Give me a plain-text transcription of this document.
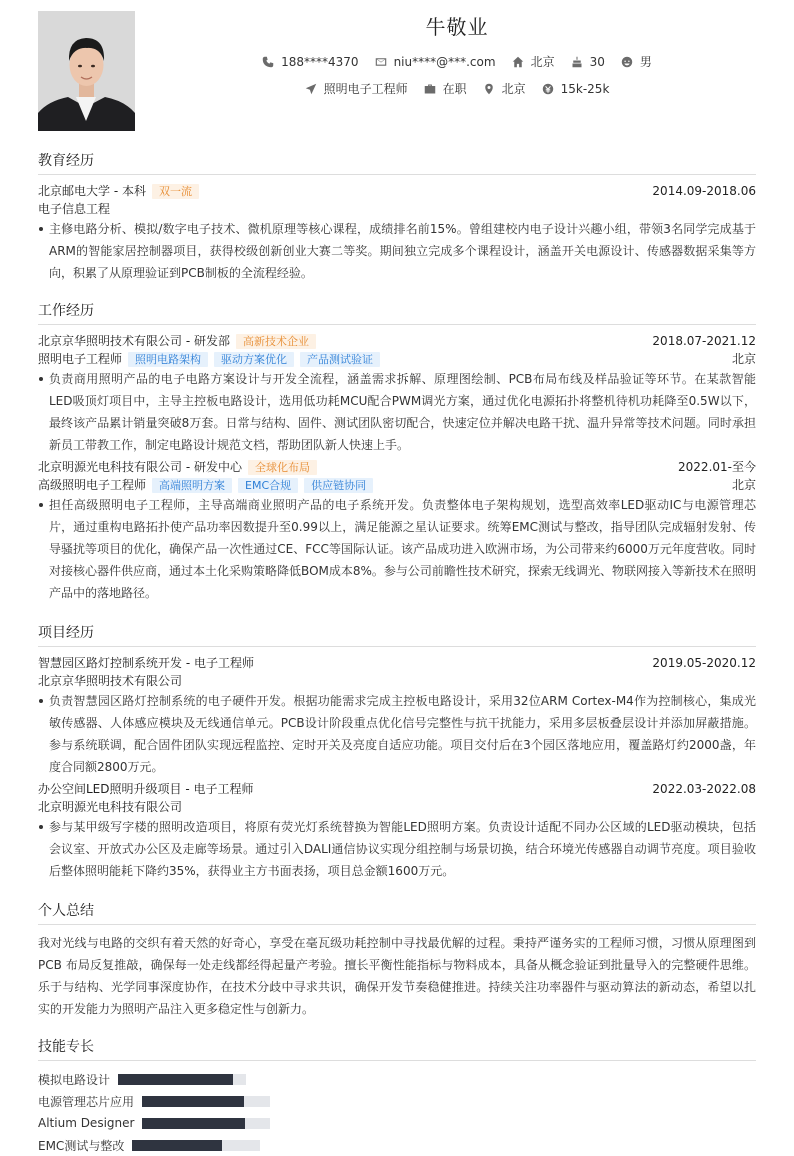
牛敬业
188****4370	niu****@***.com	北京	30	男
照明电子工程师	在职	北京	15k-25k
教育经历
北京邮电大学 - 本科	双一流	2014.09-2018.06
电子信息工程
主修电路分析、模拟/数字电子技术、微机原理等核心课程，成绩排名前15%。曾组建校内电子设计兴趣小组，带领3名同学完成基于ARM的智能家居控制器项目，获得校级创新创业大赛二等奖。期间独立完成多个课程设计，涵盖开关电源设计、传感器数据采集等方向，积累了从原理验证到PCB制板的全流程经验。
工作经历
北京京华照明技术有限公司 - 研发部	高新技术企业	2018.07-2021.12
照明电子工程师	照明电路架构	驱动方案优化	产品测试验证	北京
负责商用照明产品的电子电路方案设计与开发全流程，涵盖需求拆解、原理图绘制、PCB布局布线及样品验证等环节。在某款智能LED吸顶灯项目中，主导主控板电路设计，选用低功耗MCU配合PWM调光方案，通过优化电源拓扑将整机待机功耗降至0.5W以下，最终该产品累计销量突破8万套。日常与结构、固件、测试团队密切配合，快速定位并解决电路干扰、温升异常等技术问题。同时承担新员工带教工作，制定电路设计规范文档，帮助团队新人快速上手。
北京明源光电科技有限公司 - 研发中心	全球化布局	2022.01-至今
高级照明电子工程师	高端照明方案	EMC合规	供应链协同	北京
担任高级照明电子工程师，主导高端商业照明产品的电子系统开发。负责整体电子架构规划，选型高效率LED驱动IC与电源管理芯片，通过重构电路拓扑使产品功率因数提升至0.99以上，满足能源之星认证要求。统筹EMC测试与整改，指导团队完成辐射发射、传导骚扰等项目的优化，确保产品一次性通过CE、FCC等国际认证。该产品成功进入欧洲市场，为公司带来约6000万元年度营收。同时对接核心器件供应商，通过本土化采购策略降低BOM成本8%。参与公司前瞻性技术研究，探索无线调光、物联网接入等新技术在照明产品中的落地路径。
项目经历
智慧园区路灯控制系统开发 - 电子工程师	2019.05-2020.12
北京京华照明技术有限公司
负责智慧园区路灯控制系统的电子硬件开发。根据功能需求完成主控板电路设计，采用32位ARM Cortex-M4作为控制核心，集成光敏传感器、人体感应模块及无线通信单元。PCB设计阶段重点优化信号完整性与抗干扰能力，采用多层板叠层设计并添加屏蔽措施。参与系统联调，配合固件团队实现远程监控、定时开关及亮度自适应功能。项目交付后在3个园区落地应用，覆盖路灯约2000盏，年度合同额2800万元。
办公空间LED照明升级项目 - 电子工程师	2022.03-2022.08
北京明源光电科技有限公司
参与某甲级写字楼的照明改造项目，将原有荧光灯系统替换为智能LED照明方案。负责设计适配不同办公区域的LED驱动模块，包括会议室、开放式办公区及走廊等场景。通过引入DALI通信协议实现分组控制与场景切换，结合环境光传感器自动调节亮度。项目验收后整体照明能耗下降约35%，获得业主方书面表扬，项目总金额1600万元。
个人总结
我对光线与电路的交织有着天然的好奇心，享受在毫瓦级功耗控制中寻找最优解的过程。秉持严谨务实的工程师习惯，习惯从原理图到PCB 布局反复推敲，确保每一处走线都经得起量产考验。擅长平衡性能指标与物料成本，具备从概念验证到批量导入的完整硬件思维。乐于与结构、光学同事深度协作，在技术分歧中寻求共识，确保开发节奏稳健推进。持续关注功率器件与驱动算法的新动态，希望以扎实的开发能力为照明产品注入更多稳定性与创新力。
技能专长
模拟电路设计
电源管理芯片应用
Altium Designer
EMC测试与整改
